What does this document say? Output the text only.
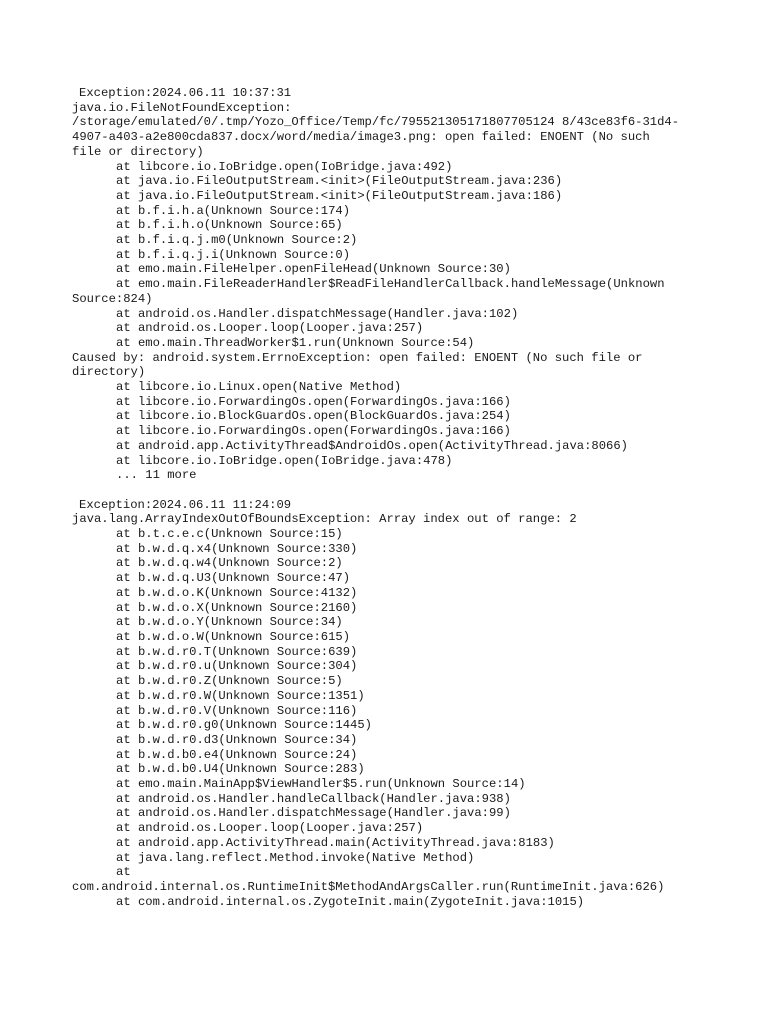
Exception:2024.06.11 10:37:31
java.io.FileNotFoundException:
/storage/emulated/0/.tmp/Yozo_Office/Temp/fc/795521305171807705124 8/43ce83f6-31d4-
4907-a403-a2e800cda837.docx/word/media/image3.png: open failed: ENOENT (No such
file or directory)
at libcore.io.IoBridge.open(IoBridge.java:492)
at java.io.FileOutputStream.<init>(FileOutputStream.java:236)
at java.io.FileOutputStream.<init>(FileOutputStream.java:186)
at b.f.i.h.a(Unknown Source:174)
at b.f.i.h.o(Unknown Source:65)
at b.f.i.q.j.m0(Unknown Source:2)
at b.f.i.q.j.i(Unknown Source:0)
at emo.main.FileHelper.openFileHead(Unknown Source:30)
at emo.main.FileReaderHandler$ReadFileHandlerCallback.handleMessage(Unknown
Source:824)
at android.os.Handler.dispatchMessage(Handler.java:102)
at android.os.Looper.loop(Looper.java:257)
at emo.main.ThreadWorker$1.run(Unknown Source:54)
Caused by: android.system.ErrnoException: open failed: ENOENT (No such file or
directory)
at libcore.io.Linux.open(Native Method)
at libcore.io.ForwardingOs.open(ForwardingOs.java:166)
at libcore.io.BlockGuardOs.open(BlockGuardOs.java:254)
at libcore.io.ForwardingOs.open(ForwardingOs.java:166)
at android.app.ActivityThread$AndroidOs.open(ActivityThread.java:8066)
at libcore.io.IoBridge.open(IoBridge.java:478)
... 11 more
Exception:2024.06.11 11:24:09
java.lang.ArrayIndexOutOfBoundsException: Array index out of range: 2
at b.t.c.e.c(Unknown Source:15)
at b.w.d.q.x4(Unknown Source:330)
at b.w.d.q.w4(Unknown Source:2)
at b.w.d.q.U3(Unknown Source:47)
at b.w.d.o.K(Unknown Source:4132)
at b.w.d.o.X(Unknown Source:2160)
at b.w.d.o.Y(Unknown Source:34)
at b.w.d.o.W(Unknown Source:615)
at b.w.d.r0.T(Unknown Source:639)
at b.w.d.r0.u(Unknown Source:304)
at b.w.d.r0.Z(Unknown Source:5)
at b.w.d.r0.W(Unknown Source:1351)
at b.w.d.r0.V(Unknown Source:116)
at b.w.d.r0.g0(Unknown Source:1445)
at b.w.d.r0.d3(Unknown Source:34)
at b.w.d.b0.e4(Unknown Source:24)
at b.w.d.b0.U4(Unknown Source:283)
at emo.main.MainApp$ViewHandler$5.run(Unknown Source:14)
at android.os.Handler.handleCallback(Handler.java:938)
at android.os.Handler.dispatchMessage(Handler.java:99)
at android.os.Looper.loop(Looper.java:257)
at android.app.ActivityThread.main(ActivityThread.java:8183)
at java.lang.reflect.Method.invoke(Native Method)
at
com.android.internal.os.RuntimeInit$MethodAndArgsCaller.run(RuntimeInit.java:626)
at com.android.internal.os.ZygoteInit.main(ZygoteInit.java:1015)
